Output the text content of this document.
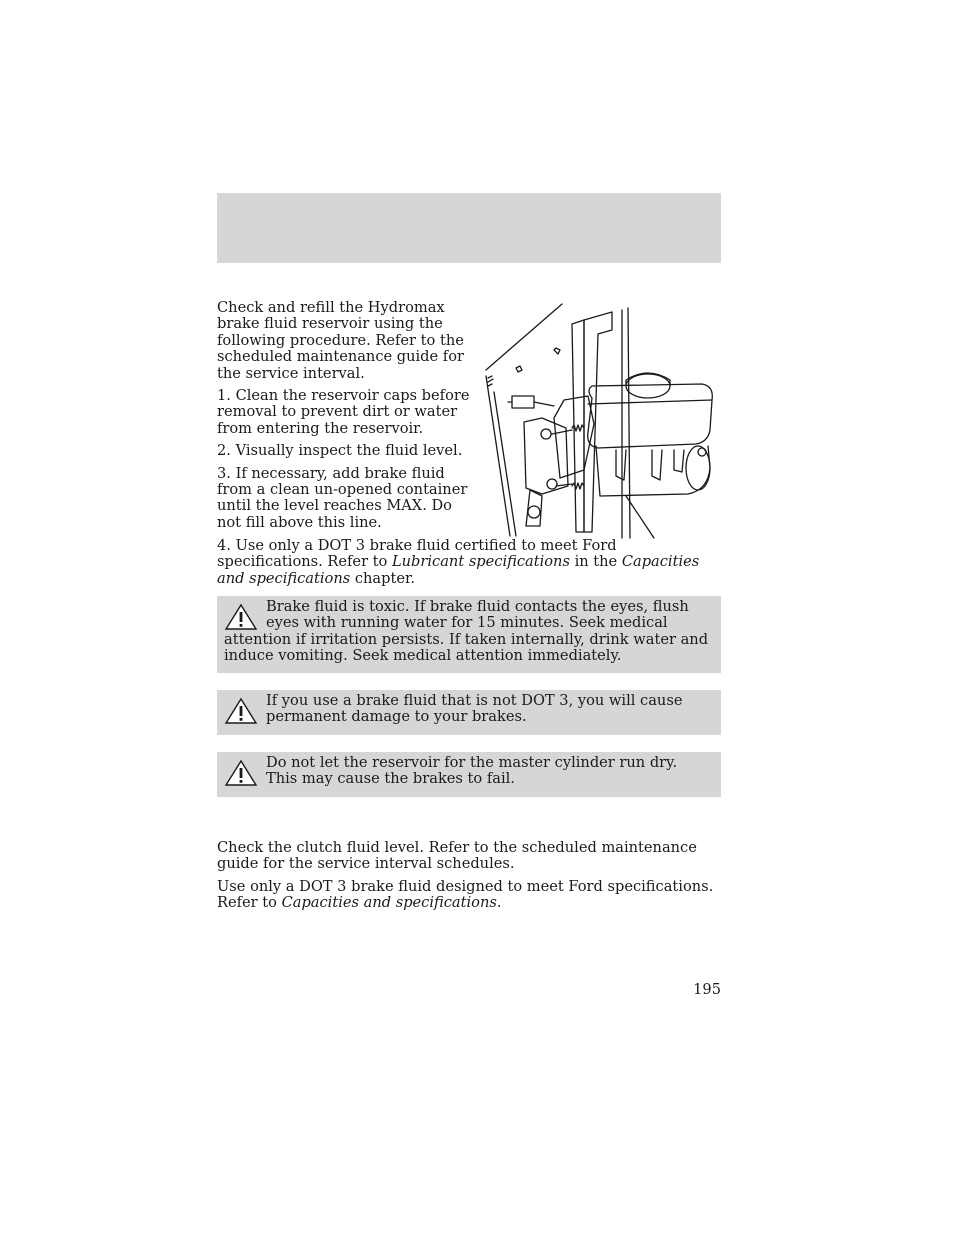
Check and refill the Hydromax brake fluid reservoir using the following procedure. Refer to the scheduled maintenance guide for the service interval.

1. Clean the reservoir caps before removal to prevent dirt or water from entering the reservoir.

2. Visually inspect the fluid level.

3. If necessary, add brake fluid from a clean un-opened container until the level reaches MAX. Do not fill above this line.

4. Use only a DOT 3 brake fluid certified to meet Ford specifications. Refer to Lubricant specifications in the Capacities and specifications chapter.

Brake fluid is toxic. If brake fluid contacts the eyes, flush eyes with running water for 15 minutes. Seek medical attention if irritation persists. If taken internally, drink water and induce vomiting. Seek medical attention immediately.

If you use a brake fluid that is not DOT 3, you will cause permanent damage to your brakes.

Do not let the reservoir for the master cylinder run dry. This may cause the brakes to fail.

Check the clutch fluid level. Refer to the scheduled maintenance guide for the service interval schedules.

Use only a DOT 3 brake fluid designed to meet Ford specifications. Refer to Capacities and specifications.

195
